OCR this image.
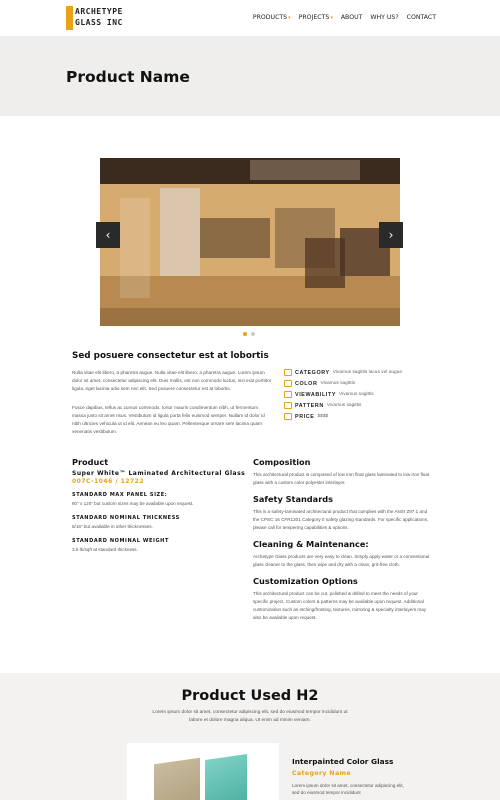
ARCHETYPE
GLASS INC
PRODUCTS ▾ PROJECTS ▾ ABOUT WHY US? CONTACT
Product Name
‹	›
Sed posuere consectetur est at lobortis

Nulla vitae elit libero, a pharetra augue. Nulla vitae elit libero, a pharetra augue. Lorem ipsum dolor sit amet, consectetur adipiscing elit. Duis mollis, est non commodo luctus, nisi erat porttitor ligula, eget lacinia odio sem nec elit. Sed posuere consectetur est at lobortis.

Fusce dapibus, tellus ac cursus commodo, tortor mauris condimentum nibh, ut fermentum massa justo sit amet risus. Vestibulum id ligula porta felis euismod semper. Nullam id dolor id nibh ultricies vehicula ut id elit. Aenean eu leo quam. Pellentesque ornare sem lacinia quam venenatis vestibulum.

CATEGORY Vivamus sagittis lacus vel augue
COLOR Vivamus sagittis
VIEWABILITY Vivamus sagittis
PATTERN Vivamus sagittis
PRICE $$$$
Product
Super White™ Laminated Architectural Glass
007C-1046 / 12722
STANDARD MAX PANEL SIZE:
60" x 120" but custom sizes may be available upon request.
STANDARD NOMINAL THICKNESS
5/16" but available in other thicknesses.
STANDARD NOMINAL WEIGHT
3.5 lb/sqft at standard thickness.
Composition

This architectural product is composed of low iron float glass laminated to low iron float glass with a custom color polyester interlayer.

Safety Standards

This is a safety-laminated architectural product that complies with the ANSI Z97.1 and the CPSC 16 CFR1201 Category II safety glazing standards. For specific applications, please call for tempering capabilities & options.

Cleaning & Maintenance:

Archetype Glass products are very easy to clean. Simply apply water or a conventional glass cleaner to the glass, then wipe and dry with a clean, grit-free cloth.

Customization Options

This architectural product can be cut, polished & drilled to meet the needs of your specific project. Custom colors & patterns may be available upon request. Additional customization such as etching/frosting, textures, mirroring & specialty interlayers may also be available upon request.

Product Used H2

Lorem ipsum dolor sit amet, consectetur adipiscing elit, sed do eiusmod tempor incididunt ut labore et dolore magna aliqua. Ut enim ad minim veniam.

Interpainted Color Glass
Category Name

Lorem ipsum dolor sit amet, consectetur adipiscing elit, sed do eiusmod tempor incididunt
